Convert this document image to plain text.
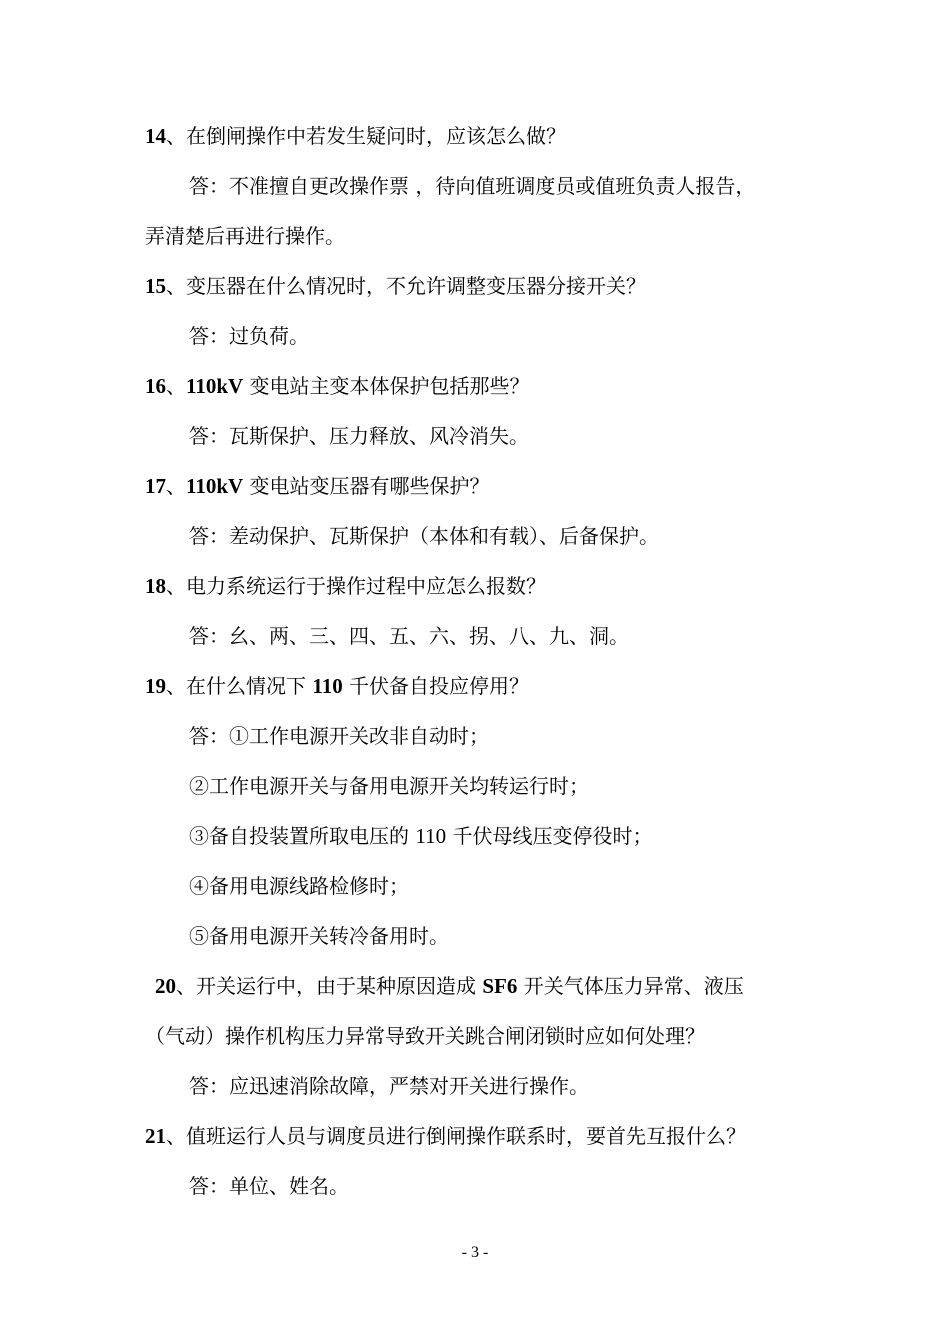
14、在倒闸操作中若发生疑问时，应该怎么做？
答：不准擅自更改操作票 ，待向值班调度员或值班负责人报告，
弄清楚后再进行操作。
15、变压器在什么情况时，不允许调整变压器分接开关？
答：过负荷。
16、110kV 变电站主变本体保护包括那些？
答：瓦斯保护、压力释放、风冷消失。
17、110kV 变电站变压器有哪些保护？
答：差动保护、瓦斯保护（本体和有载）、后备保护。
18、电力系统运行于操作过程中应怎么报数？
答：幺、两、三、四、五、六、拐、八、九、洞。
19、在什么情况下 110 千伏备自投应停用？
答：①工作电源开关改非自动时；
②工作电源开关与备用电源开关均转运行时；
③备自投装置所取电压的 110 千伏母线压变停役时；
④备用电源线路检修时；
⑤备用电源开关转冷备用时。
20、开关运行中，由于某种原因造成 SF6 开关气体压力异常、液压
（气动）操作机构压力异常导致开关跳合闸闭锁时应如何处理？
答：应迅速消除故障，严禁对开关进行操作。
21、值班运行人员与调度员进行倒闸操作联系时，要首先互报什么？
答：单位、姓名。
- 3 -
